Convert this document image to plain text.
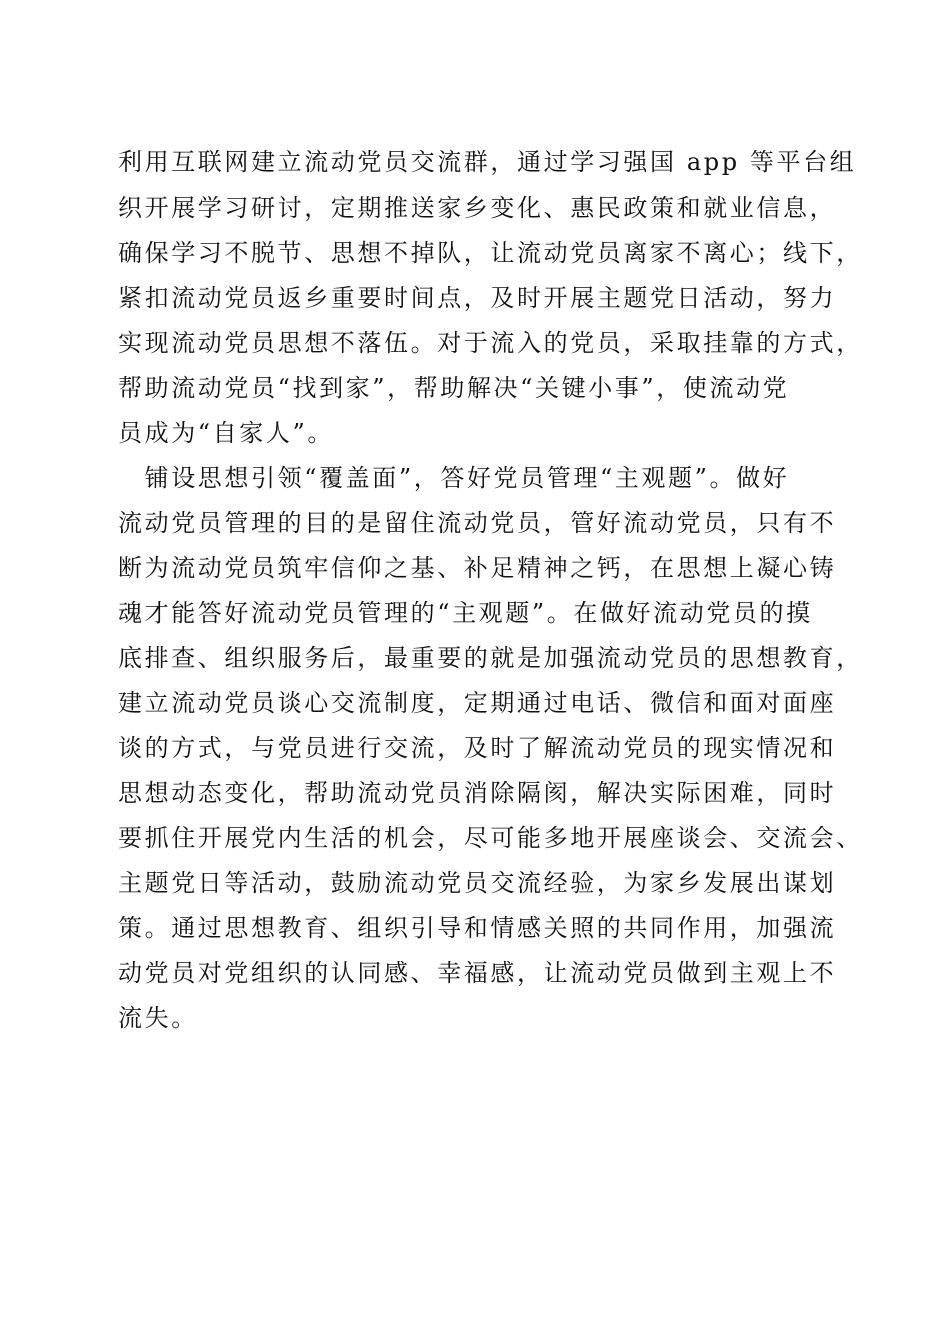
利用互联网建立流动党员交流群，通过学习强国 app 等平台组
织开展学习研讨，定期推送家乡变化、惠民政策和就业信息，
确保学习不脱节、思想不掉队，让流动党员离家不离心；线下，
紧扣流动党员返乡重要时间点，及时开展主题党日活动，努力
实现流动党员思想不落伍。对于流入的党员，采取挂靠的方式，
帮助流动党员“找到家”，帮助解决“关键小事”，使流动党
员成为“自家人”。
　铺设思想引领“覆盖面”，答好党员管理“主观题”。做好
流动党员管理的目的是留住流动党员，管好流动党员，只有不
断为流动党员筑牢信仰之基、补足精神之钙，在思想上凝心铸
魂才能答好流动党员管理的“主观题”。在做好流动党员的摸
底排查、组织服务后，最重要的就是加强流动党员的思想教育，
建立流动党员谈心交流制度，定期通过电话、微信和面对面座
谈的方式，与党员进行交流，及时了解流动党员的现实情况和
思想动态变化，帮助流动党员消除隔阂，解决实际困难，同时
要抓住开展党内生活的机会，尽可能多地开展座谈会、交流会、
主题党日等活动，鼓励流动党员交流经验，为家乡发展出谋划
策。通过思想教育、组织引导和情感关照的共同作用，加强流
动党员对党组织的认同感、幸福感，让流动党员做到主观上不
流失。
